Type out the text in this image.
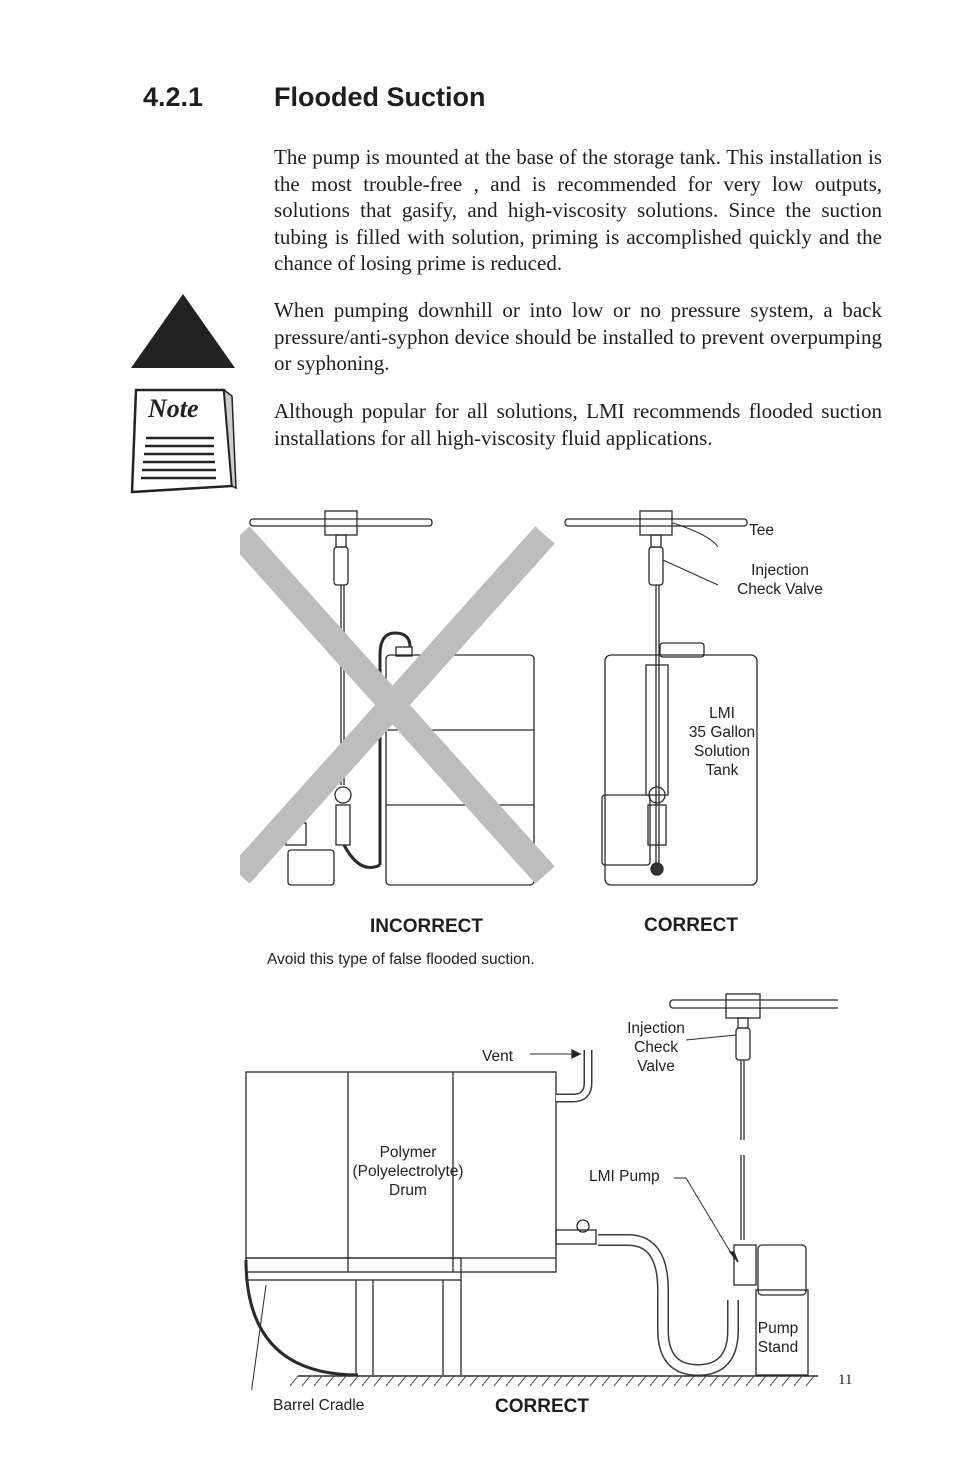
4.2.1	Flooded Suction

The pump is mounted at the base of the storage tank. This installation is the most trouble-free , and is recommended for very low outputs, solutions that gasify, and high-viscosity solutions. Since the suction tubing is filled with solution, priming is accomplished quickly and the chance of losing prime is reduced.

When pumping downhill or into low or no pressure system, a back pressure/anti-syphon device should be installed to prevent overpumping or syphoning.

Although popular for all solutions, LMI recommends flooded suction installations for all high-viscosity fluid applications.

Note
Tee
Injection
Check Valve
LMI
35 Gallon
Solution
Tank
INCORRECT	CORRECT
Avoid this type of false flooded suction.
Injection
Check
Valve
Vent
Polymer
(Polyelectrolyte)
Drum
LMI Pump
Pump
Stand
Barrel Cradle	CORRECT
11
